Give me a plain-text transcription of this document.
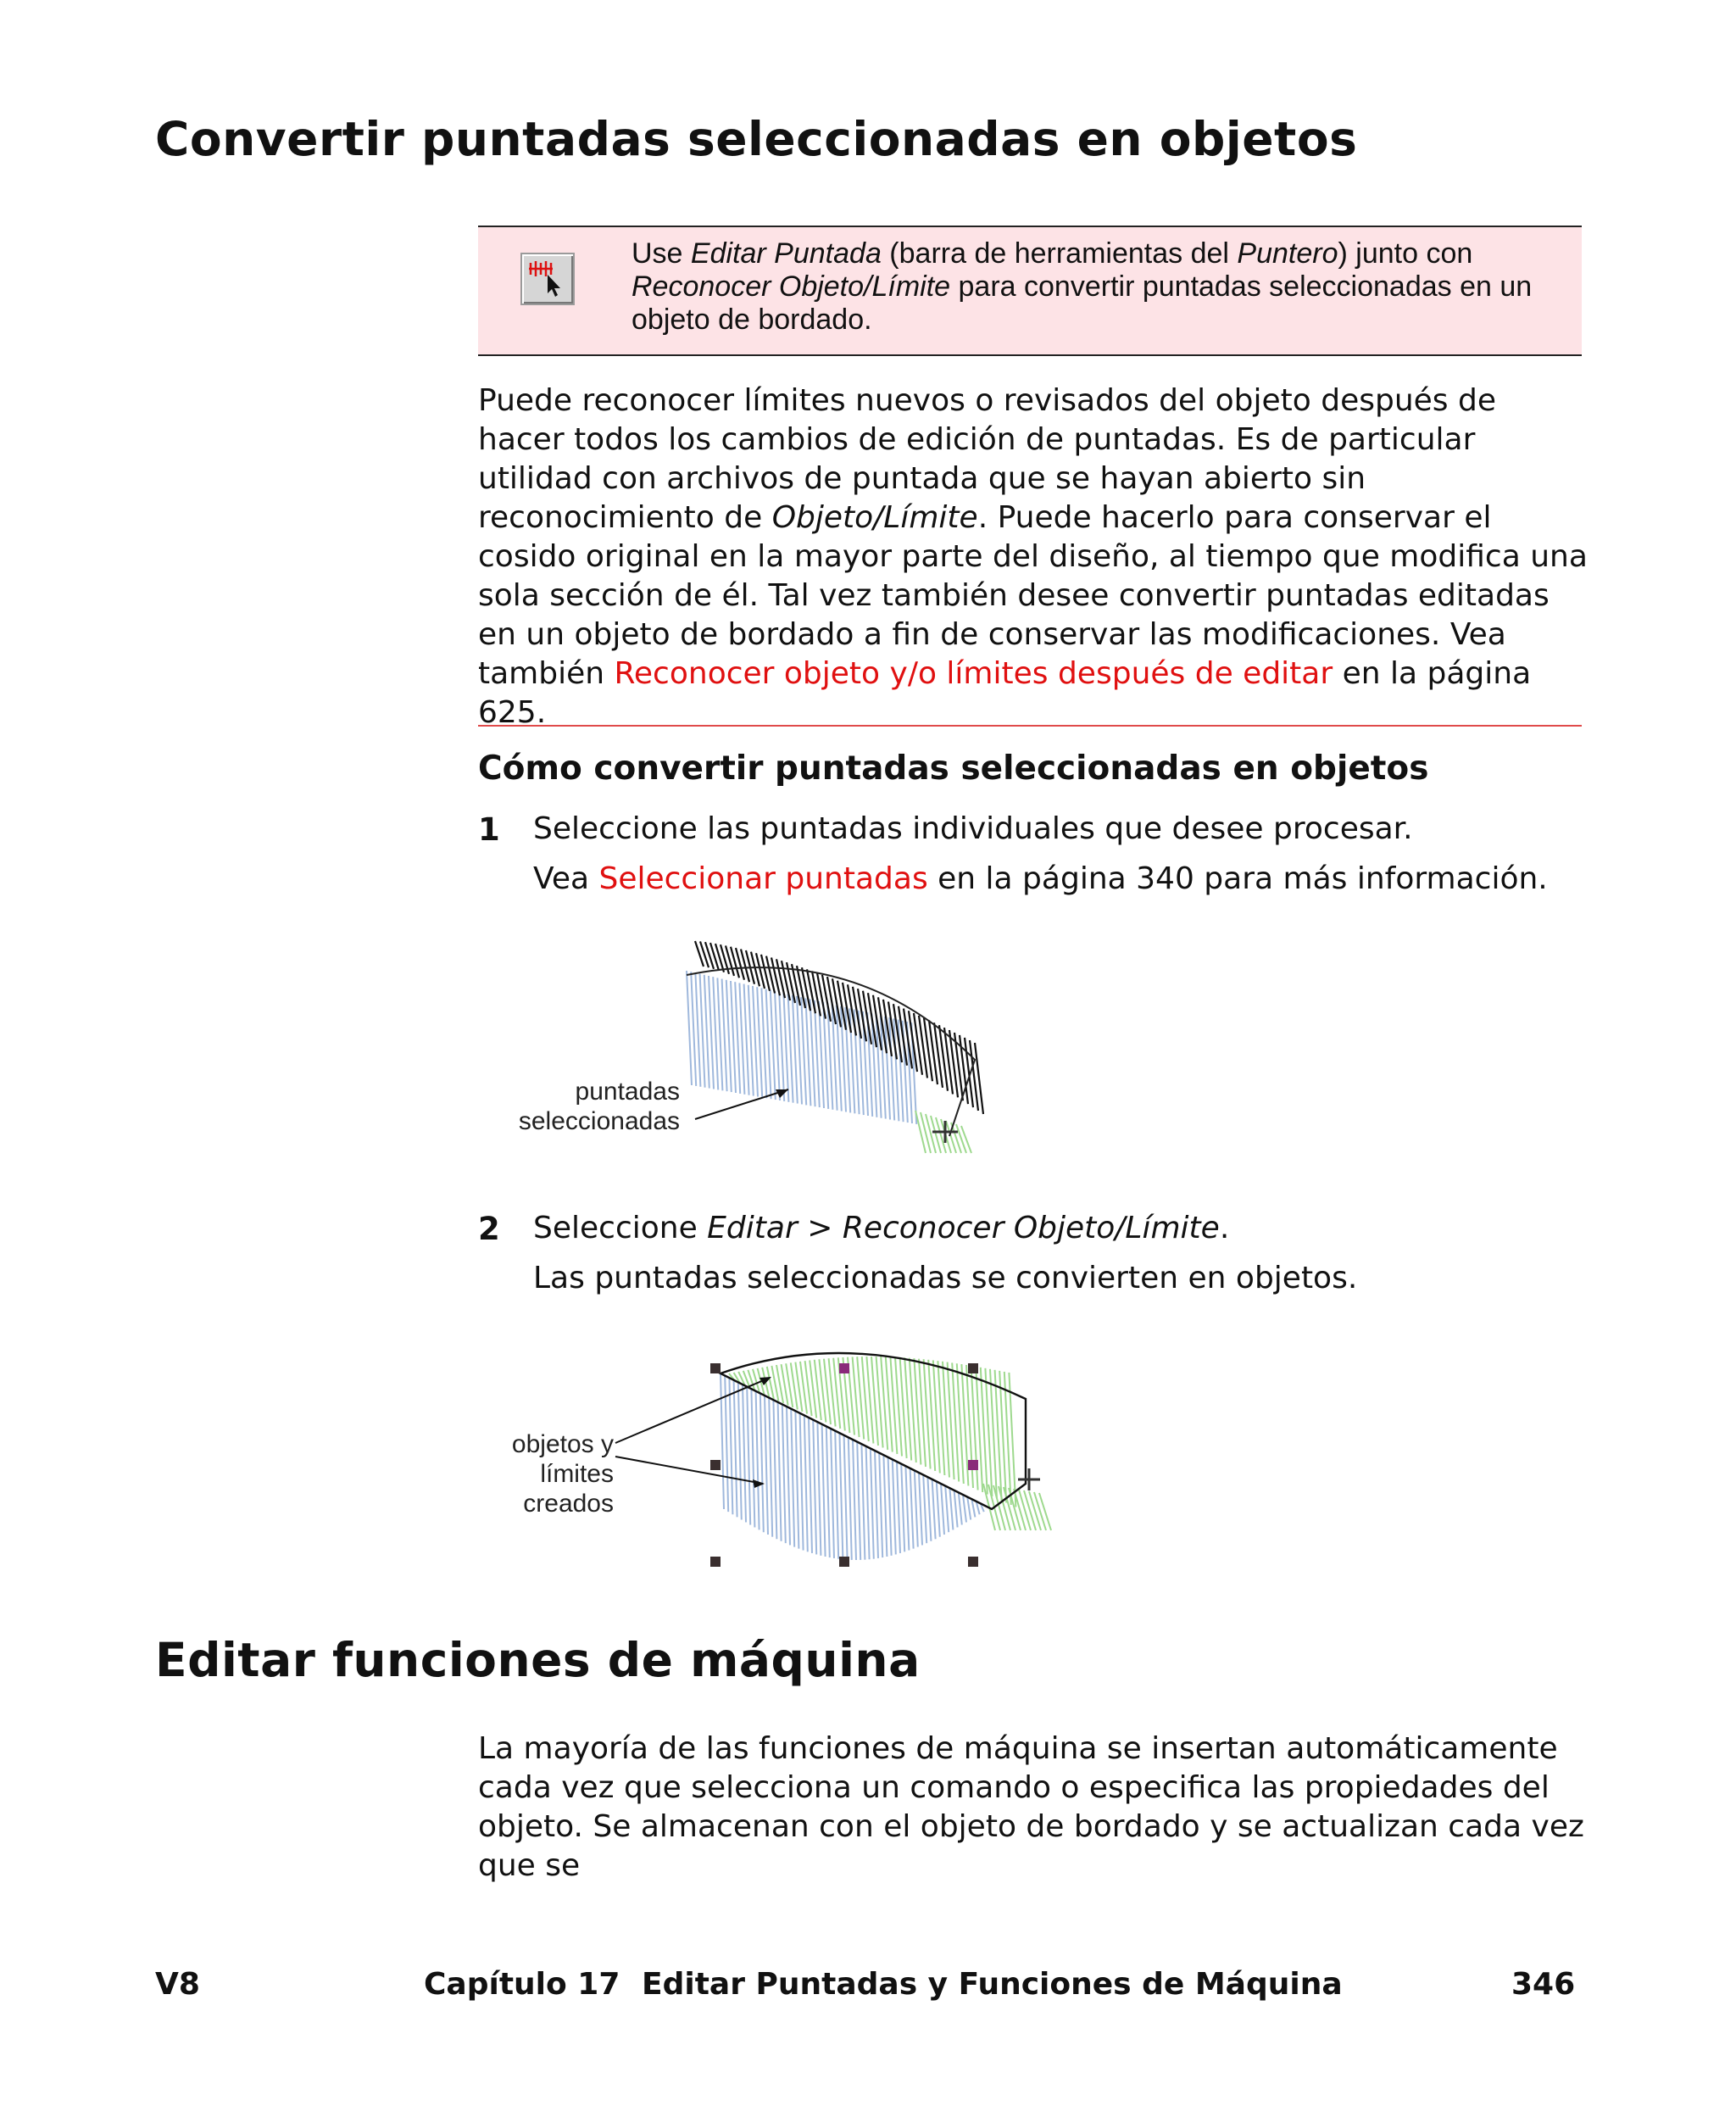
Convertir puntadas seleccionadas en objetos
Use Editar Puntada (barra de herramientas del Puntero) junto con Reconocer Objeto/Límite para convertir puntadas seleccionadas en un objeto de bordado.
Puede reconocer límites nuevos o revisados del objeto después de hacer todos los cambios de edición de puntadas. Es de particular utilidad con archivos de puntada que se hayan abierto sin reconocimiento de Objeto/Límite. Puede hacerlo para conservar el cosido original en la mayor parte del diseño, al tiempo que modifica una sola sección de él. Tal vez también desee convertir puntadas editadas en un objeto de bordado a fin de conservar las modificaciones. Vea también Reconocer objeto y/o límites después de editar en la página 625.
Cómo convertir puntadas seleccionadas en objetos
1 Seleccione las puntadas individuales que desee procesar.
Vea Seleccionar puntadas en la página 340 para más información.
puntadas
seleccionadas
2 Seleccione Editar > Reconocer Objeto/Límite.
Las puntadas seleccionadas se convierten en objetos.
objetos y
límites
creados
Editar funciones de máquina
La mayoría de las funciones de máquina se insertan automáticamente cada vez que selecciona un comando o especifica las propiedades del objeto. Se almacenan con el objeto de bordado y se actualizan cada vez que se
V8	Capítulo 17 Editar Puntadas y Funciones de Máquina	346
